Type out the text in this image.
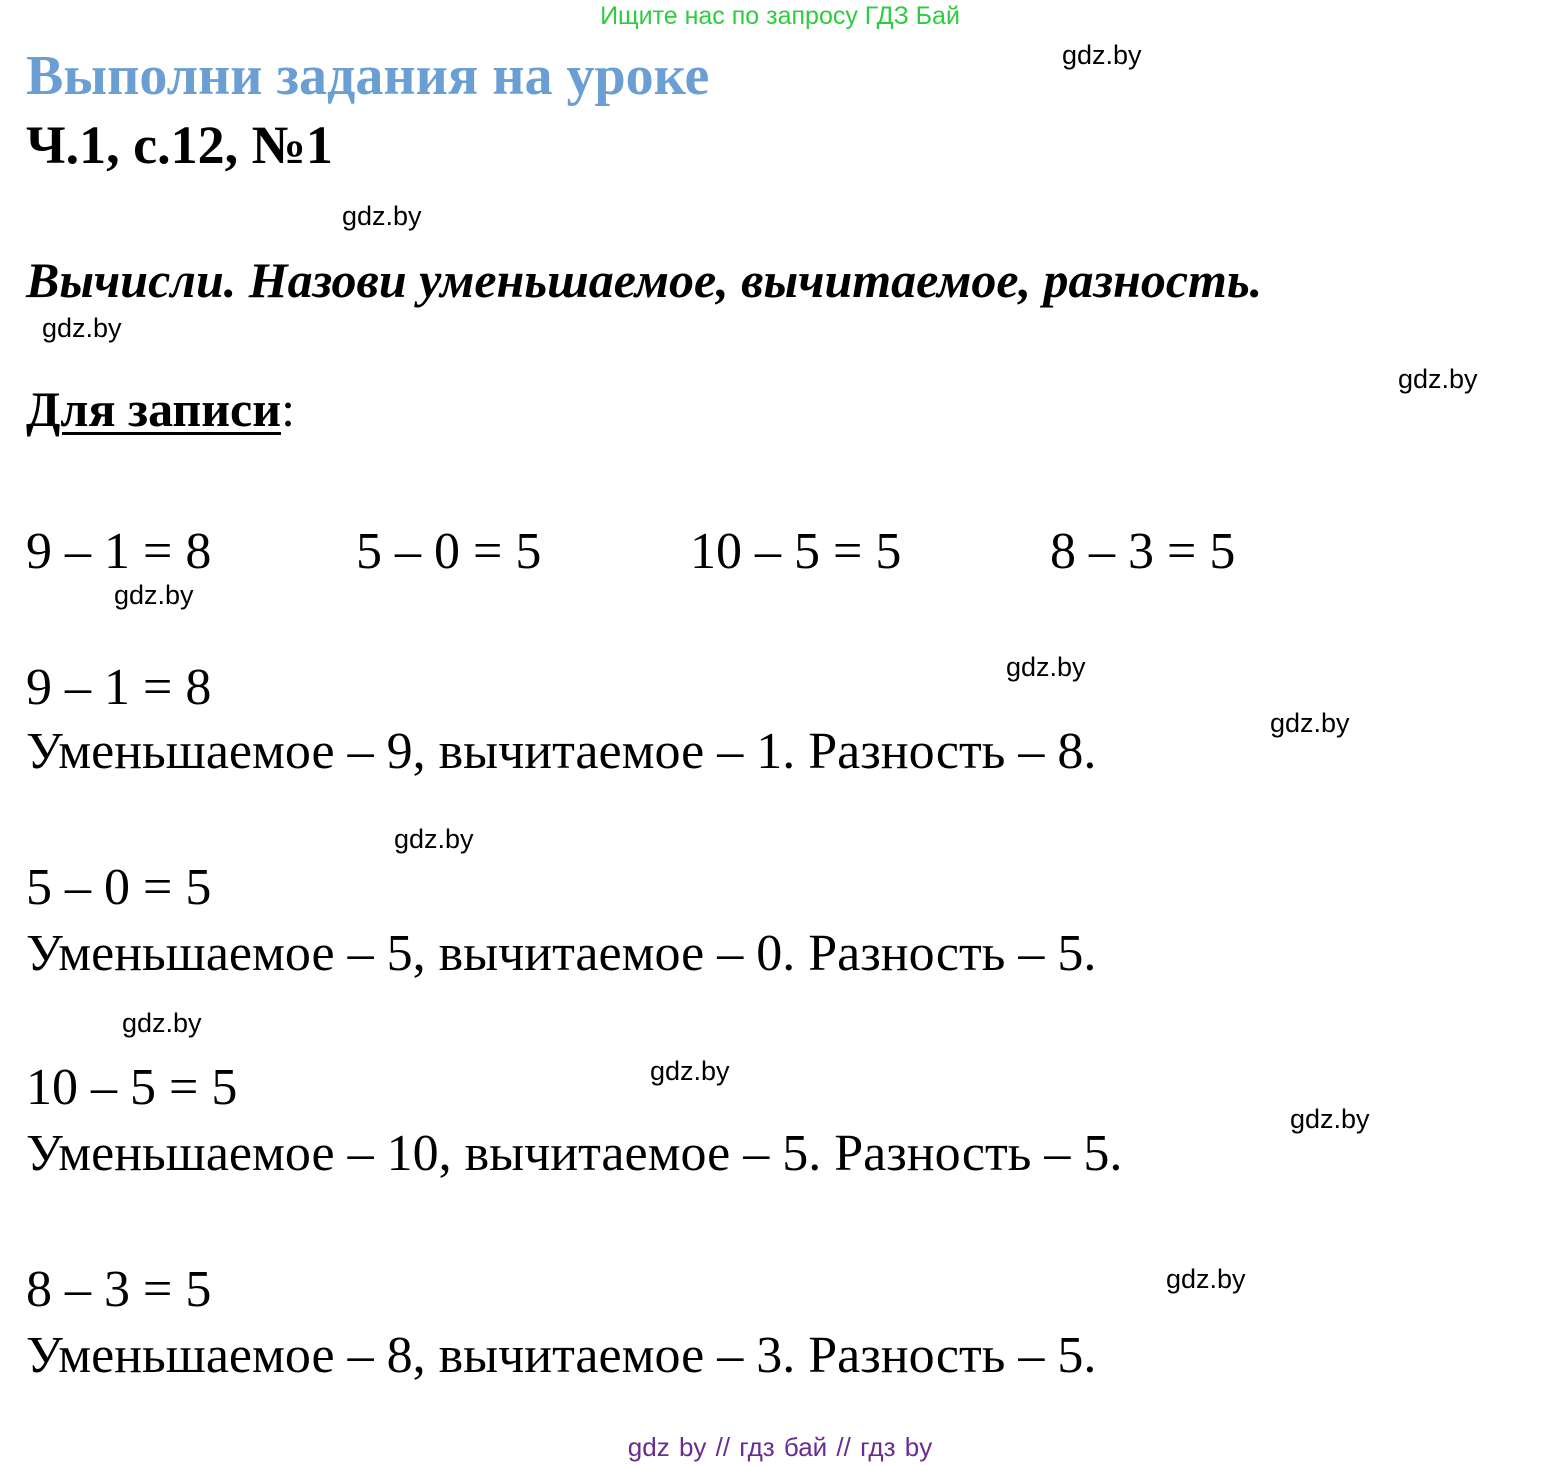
Ищите нас по запросу ГДЗ Бай
Выполни задания на уроке
Ч.1, с.12, №1
Вычисли. Назови уменьшаемое, вычитаемое, разность.
Для записи:
9 – 1 = 8	5 – 0 = 5	10 – 5 = 5	8 – 3 = 5
9 – 1 = 8
Уменьшаемое – 9, вычитаемое – 1. Разность – 8.
5 – 0 = 5
Уменьшаемое – 5, вычитаемое – 0. Разность – 5.
10 – 5 = 5
Уменьшаемое – 10, вычитаемое – 5. Разность – 5.
8 – 3 = 5
Уменьшаемое – 8, вычитаемое – 3. Разность – 5.
gdz.by
gdz.by
gdz.by
gdz.by
gdz.by
gdz.by
gdz.by
gdz.by
gdz.by
gdz.by
gdz.by
gdz.by
gdz by // гдз бай // гдз by
